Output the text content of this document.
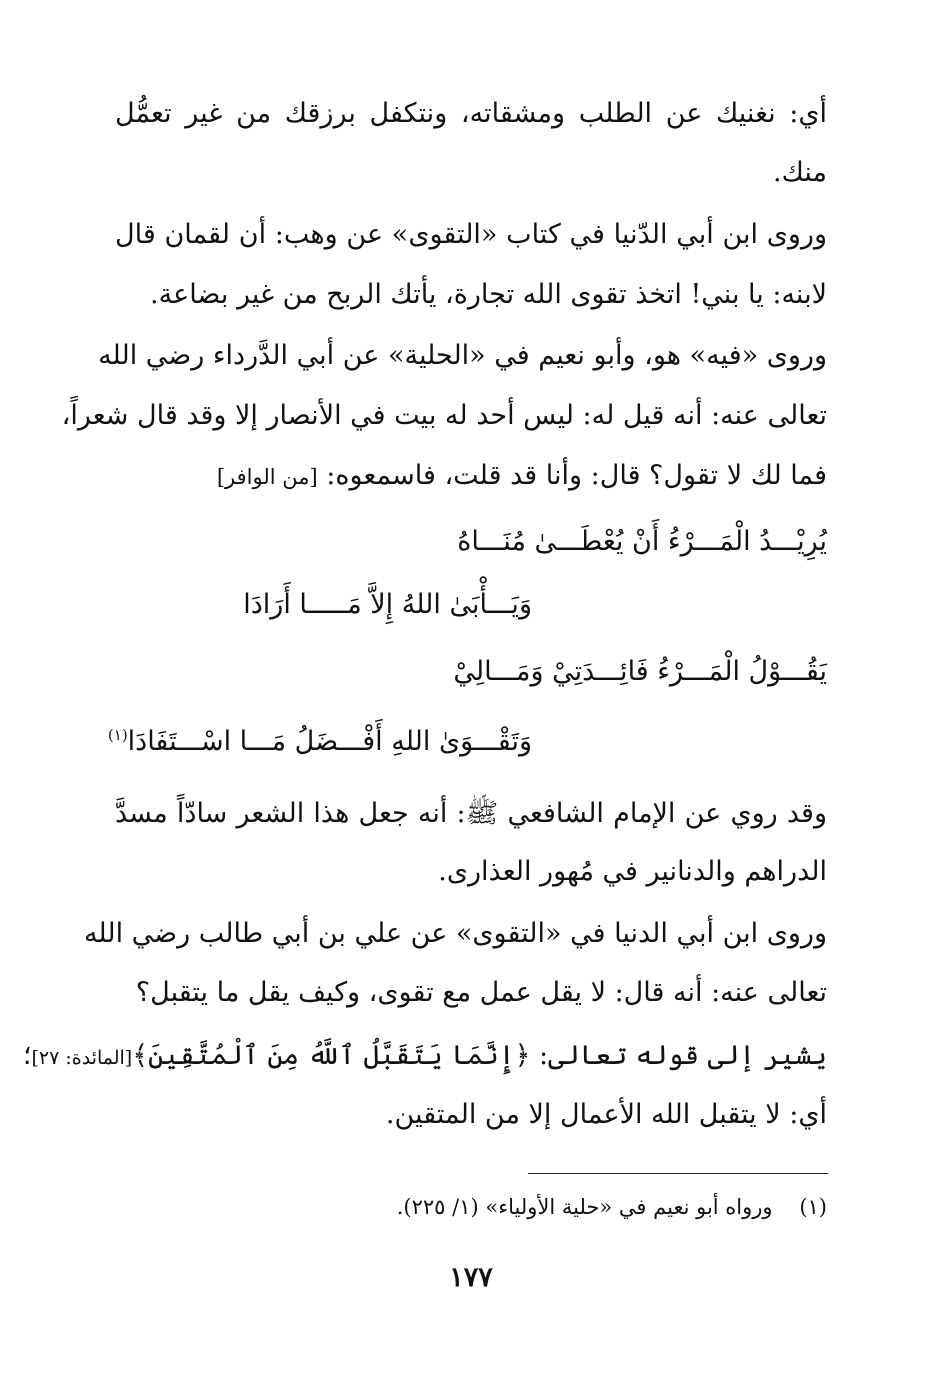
أي: نغنيك عن الطلب ومشقاته، ونتكفل برزقك من غير تعمُّل
منك.
وروى ابن أبي الدّنيا في كتاب «التقوى» عن وهب: أن لقمان قال
لابنه: يا بني! اتخذ تقوى الله تجارة، يأتك الربح من غير بضاعة.
وروى «فيه» هو، وأبو نعيم في «الحلية» عن أبي الدَّرداء رضي الله
تعالى عنه: أنه قيل له: ليس أحد له بيت في الأنصار إلا وقد قال شعراً،
فما لك لا تقول؟ قال: وأنا قد قلت، فاسمعوه: [من الوافر]
يُرِيْـــدُ الْمَـــرْءُ أَنْ يُعْطَـــىٰ مُنَـــاهُ
وَيَـــأْبَىٰ اللهُ إِلاَّ مَـــــا أَرَادَا
يَقُـــوْلُ الْمَـــرْءُ فَائِـــدَتِيْ وَمَـــالِيْ
وَتَقْـــوَىٰ اللهِ أَفْـــضَلُ مَـــا اسْـــتَفَادَا$^{(١)}$
وقد روي عن الإمام الشافعي ﷺ: أنه جعل هذا الشعر سادّاً مسدَّ
الدراهم والدنانير في مُهور العذارى.
وروى ابن أبي الدنيا في «التقوى» عن علي بن أبي طالب رضي الله
تعالى عنه: أنه قال: لا يقل عمل مع تقوى، وكيف يقل ما يتقبل؟
يشير إلى قوله تعالى: ﴿إِنَّمَا يَتَقَبَّلُ ٱللَّهُ مِنَ ٱلْمُتَّقِينَ﴾[المائدة: ٢٧]؛
أي: لا يتقبل الله الأعمال إلا من المتقين.
(١)    ورواه أبو نعيم في «حلية الأولياء» (١/ ٢٢٥).
١٧٧
